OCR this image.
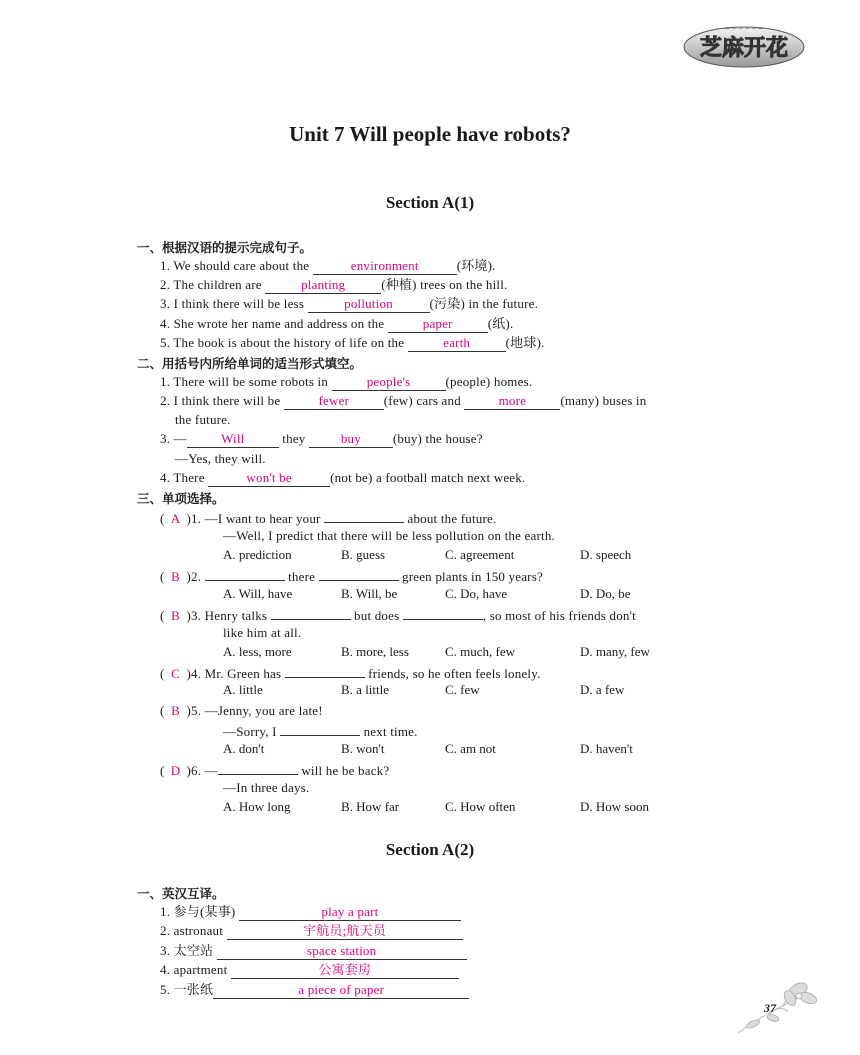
芝麻开花
— — — — — —
Unit 7 Will people have robots?
Section A(1)
一、根据汉语的提示完成句子。
1. We should care about the	environment	(环境).
2. The children are	planting	(种植) trees on the hill.
3. I think there will be less	pollution	(污染) in the future.
4. She wrote her name and address on the	paper	(纸).
5. The book is about the history of life on the	earth	(地球).
二、用括号内所给单词的适当形式填空。
1. There will be some robots in	people's	(people) homes.
2. I think there will be	fewer	(few) cars and	more	(many) buses in
the future.
3. —	Will	they buy (buy) the house?
—Yes, they will.
4. There	won't be	(not be) a football match next week.
三、单项选择。
( A )1. —I want to hear your	about the future.
—Well, I predict that there will be less pollution on the earth.
A. prediction	B. guess	C. agreement	D. speech
( B )2.	there	green plants in 150 years?
A. Will, have	B. Will, be	C. Do, have	D. Do, be
( B )3. Henry talks	but does	, so most of his friends don't
like him at all.
A. less, more	B. more, less	C. much, few	D. many, few
( C )4. Mr. Green has	friends, so he often feels lonely.
A. little	B. a little	C. few	D. a few
( B )5. —Jenny, you are late!
—Sorry, I	next time.
A. don't	B. won't	C. am not	D. haven't
( D )6. —	will he be back?
—In three days.
A. How long	B. How far	C. How often	D. How soon
Section A(2)
一、英汉互译。
1. 参与(某事)	play a part
2. astronaut	宇航员;航天员
3. 太空站	space station
4. apartment	公寓套房
5. 一张纸	a piece of paper
37
